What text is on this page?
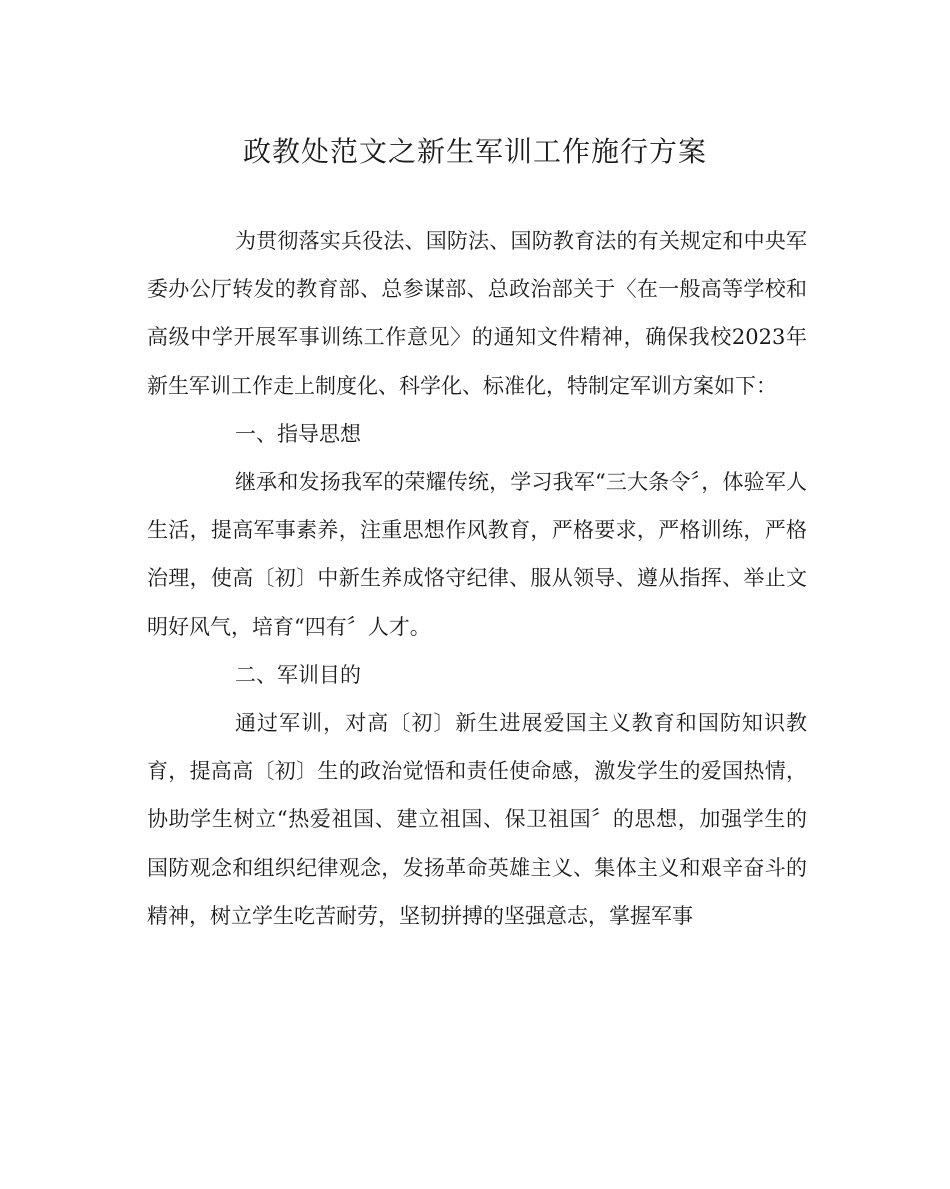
政教处范文之新生军训工作施行方案

为贯彻落实兵役法、国防法、国防教育法的有关规定和中央军委办公厅转发的教育部、总参谋部、总政治部关于〈在一般高等学校和高级中学开展军事训练工作意见〉的通知文件精神，确保我校2023年新生军训工作走上制度化、科学化、标准化，特制定军训方案如下：

一、指导思想

继承和发扬我军的荣耀传统，学习我军“三大条令〞，体验军人生活，提高军事素养，注重思想作风教育，严格要求，严格训练，严格治理，使高〔初〕中新生养成恪守纪律、服从领导、遵从指挥、举止文明好风气，培育“四有〞人才。

二、军训目的

通过军训，对高〔初〕新生进展爱国主义教育和国防知识教育，提高高〔初〕生的政治觉悟和责任使命感，激发学生的爱国热情，协助学生树立“热爱祖国、建立祖国、保卫祖国〞的思想，加强学生的国防观念和组织纪律观念，发扬革命英雄主义、集体主义和艰辛奋斗的精神，树立学生吃苦耐劳，坚韧拼搏的坚强意志，掌握军事
